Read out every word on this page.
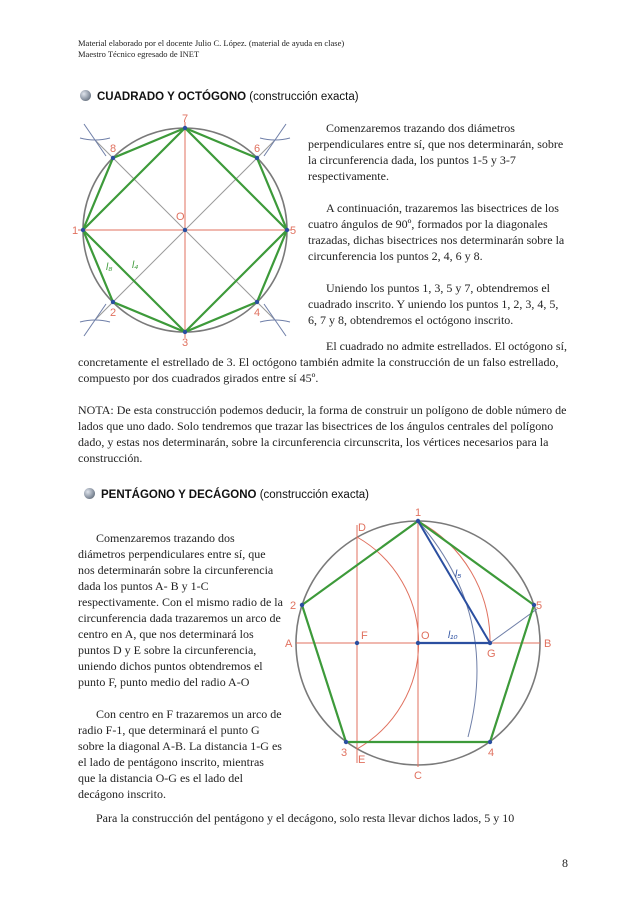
Material elaborado por el docente Julio C. López. (material de ayuda en clase)
Maestro Técnico egresado de INET
CUADRADO Y OCTÓGONO (construcción exacta)
1
2
3
4
5
6
7
8
O
l₈ l₄

Comenzaremos trazando dos diámetros perpendiculares entre sí, que nos determinarán, sobre la circunferencia dada, los puntos 1-5 y 3-7 respectivamente.

A continuación, trazaremos las bisectrices de los cuatro ángulos de 90º, formados por la diagonales trazadas, dichas bisectrices nos determinarán sobre la circunferencia los puntos 2, 4, 6 y 8.

Uniendo los puntos 1, 3, 5 y 7, obtendremos el cuadrado inscrito. Y uniendo los puntos 1, 2, 3, 4, 5, 6, 7 y 8, obtendremos el octógono inscrito.

El cuadrado no admite estrellados. El octógono sí, concretamente el estrellado de 3. El octógono también admite la construcción de un falso estrellado, compuesto por dos cuadrados girados entre sí 45º.

NOTA: De esta construcción podemos deducir, la forma de construir un polígono de doble número de lados que uno dado. Solo tendremos que trazar las bisectrices de los ángulos centrales del polígono dado, y estas nos determinarán, sobre la circunferencia circunscrita, los vértices necesarios para la construcción.

PENTÁGONO Y DECÁGONO (construcción exacta)

Comenzaremos trazando dos diámetros perpendiculares entre sí, que nos determinarán sobre la circunferencia dada los puntos A- B y 1-C respectivamente. Con el mismo radio de la circunferencia dada trazaremos un arco de centro en A, que nos determinará los puntos D y E sobre la circunferencia, uniendo dichos puntos obtendremos el punto F, punto medio del radio A-O

Con centro en F trazaremos un arco de radio F-1, que determinará el punto G sobre la diagonal A-B. La distancia 1-G es el lado de pentágono inscrito, mientras que la distancia O-G es el lado del decágono inscrito.

1
2
3	4
5
A	B
C
D
E
F
G
O
l₅
l₁₀

Para la construcción del pentágono y el decágono, solo resta llevar dichos lados, 5 y 10

8
